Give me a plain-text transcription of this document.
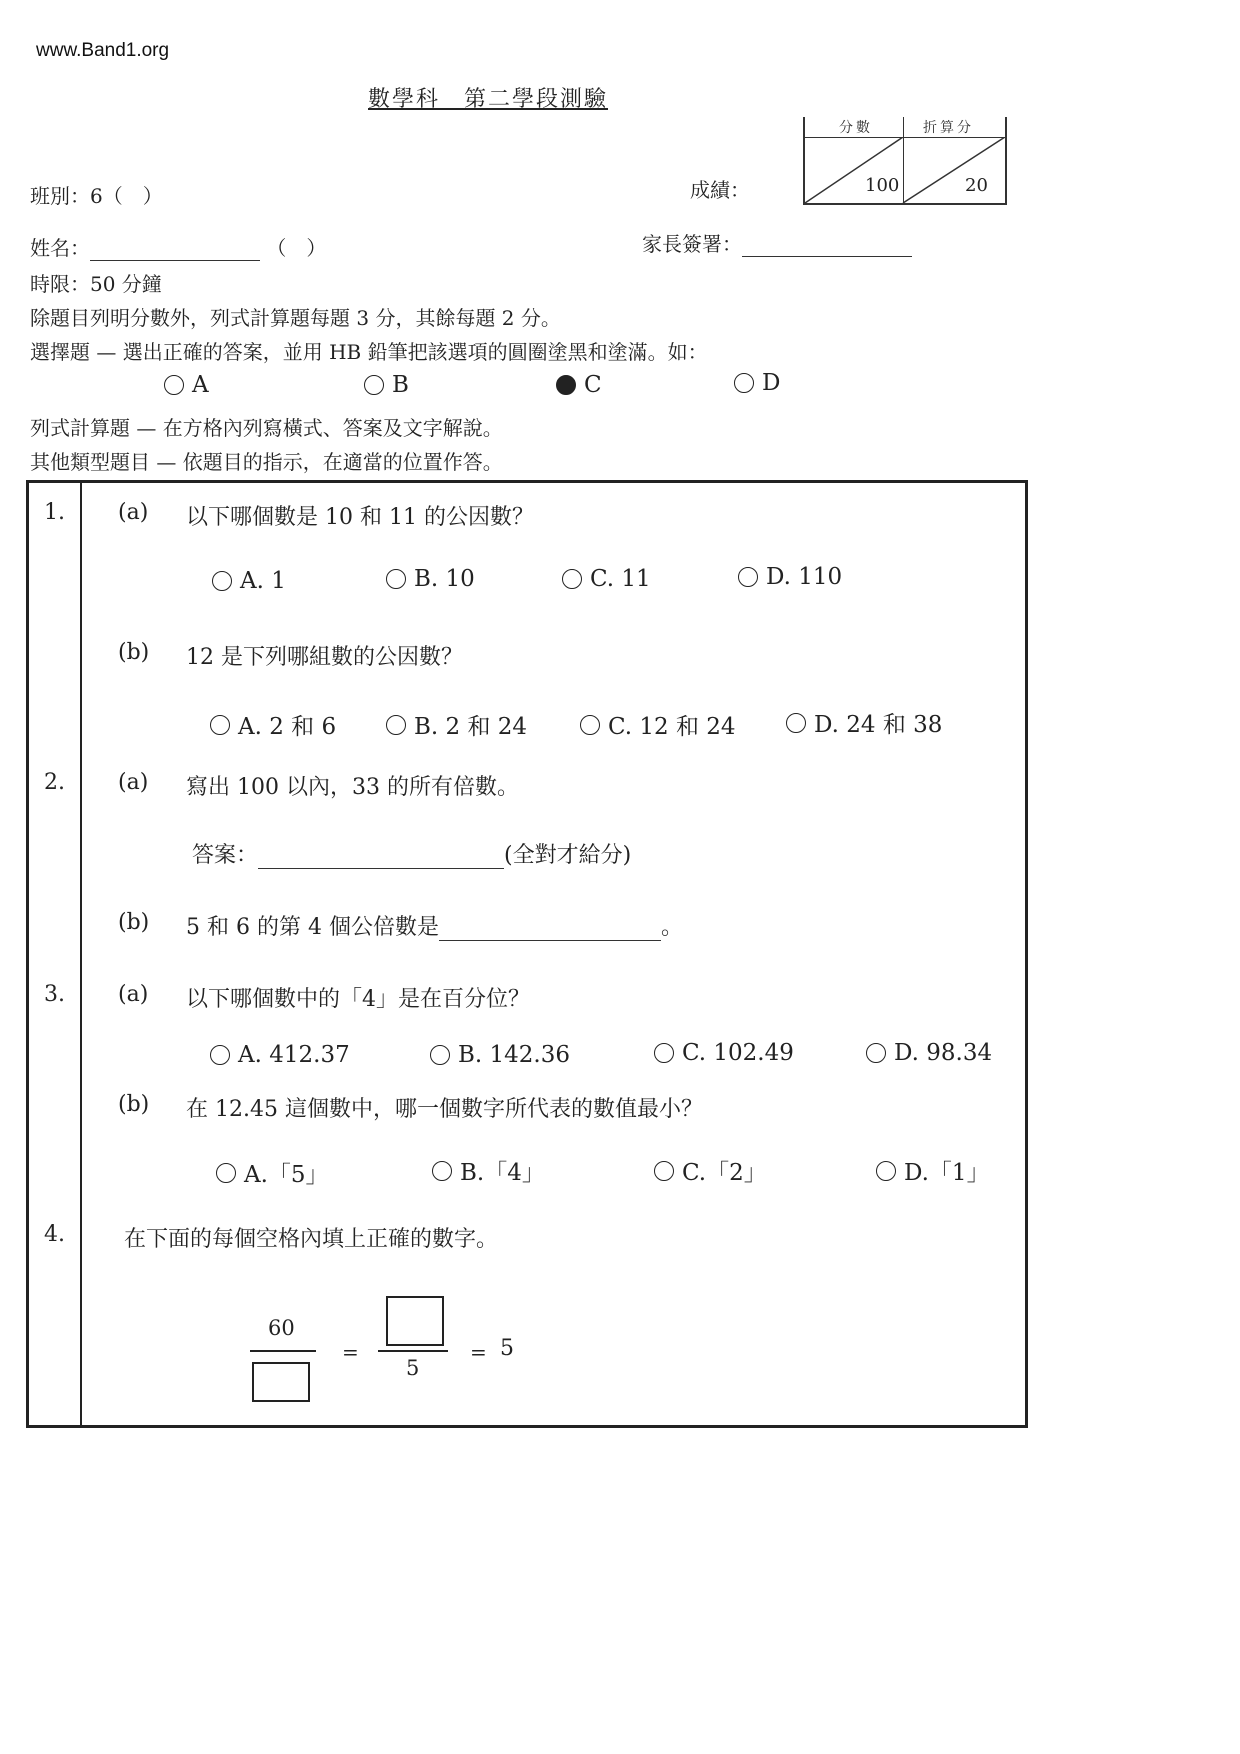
www.Band1.org
數學科　第二學段測驗
班別：6（　）	成績：
分數	折算分
100	20
姓名：	（　）	家長簽署：
時限：50 分鐘
除題目列明分數外，列式計算題每題 3 分，其餘每題 2 分。
選擇題 — 選出正確的答案，並用 HB 鉛筆把該選項的圓圈塗黑和塗滿。如：
A	B	C	D
列式計算題 — 在方格內列寫橫式、答案及文字解說。
其他類型題目 — 依題目的指示，在適當的位置作答。
1. (a) 以下哪個數是 10 和 11 的公因數？
A. 1	B. 10	C. 11	D. 110
(b) 12 是下列哪組數的公因數？
A. 2 和 6	B. 2 和 24	C. 12 和 24	D. 24 和 38
2. (a) 寫出 100 以內，33 的所有倍數。
答案：	(全對才給分)
(b) 5 和 6 的第 4 個公倍數是	。
3. (a) 以下哪個數中的「4」是在百分位？
A. 412.37	B. 142.36	C. 102.49	D. 98.34
(b) 在 12.45 這個數中，哪一個數字所代表的數值最小？
A.「5」	B.「4」	C.「2」	D.「1」
4.	在下面的每個空格內填上正確的數字。
60
=
5
= 5
